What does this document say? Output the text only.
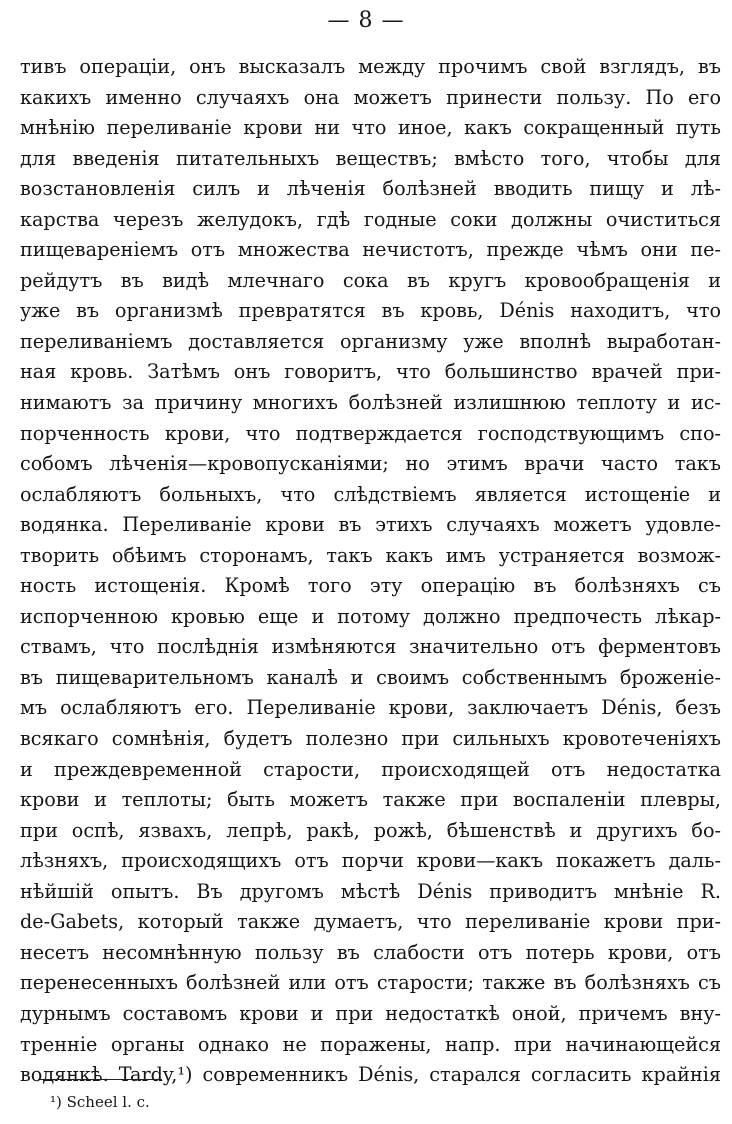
— 8 —
тивъ операціи, онъ высказалъ между прочимъ свой взглядъ, въ
какихъ именно случаяхъ она можетъ принести пользу. По его
мнѣнію переливаніе крови ни что иное, какъ сокращенный путь
для введенія питательныхъ веществъ; вмѣсто того, чтобы для
возстановленія силъ и лѣченія болѣзней вводить пищу и лѣ-
карства черезъ желудокъ, гдѣ годные соки должны очиститься
пищевареніемъ отъ множества нечистотъ, прежде чѣмъ они пе-
рейдутъ въ видѣ млечнаго сока въ кругъ кровообращенія и
уже въ организмѣ превратятся въ кровь, Dénis находитъ, что
переливаніемъ доставляется организму уже вполнѣ выработан-
ная кровь. Затѣмъ онъ говоритъ, что большинство врачей при-
нимаютъ за причину многихъ болѣзней излишнюю теплоту и ис-
порченность крови, что подтверждается господствующимъ спо-
собомъ лѣченія—кровопусканіями; но этимъ врачи часто такъ
ослабляютъ больныхъ, что слѣдствіемъ является истощеніе и
водянка. Переливаніе крови въ этихъ случаяхъ можетъ удовле-
творить обѣимъ сторонамъ, такъ какъ имъ устраняется возмож-
ность истощенія. Кромѣ того эту операцію въ болѣзняхъ съ
испорченною кровью еще и потому должно предпочесть лѣкар-
ствамъ, что послѣднія измѣняются значительно отъ ферментовъ
въ пищеварительномъ каналѣ и своимъ собственнымъ броженіе-
мъ ослабляютъ его. Переливаніе крови, заключаетъ Dénis, безъ
всякаго сомнѣнія, будетъ полезно при сильныхъ кровотеченіяхъ
и преждевременной старости, происходящей отъ недостатка
крови и теплоты; быть можетъ также при воспаленіи плевры,
при оспѣ, язвахъ, лепрѣ, ракѣ, рожѣ, бѣшенствѣ и другихъ бо-
лѣзняхъ, происходящихъ отъ порчи крови—какъ покажетъ даль-
нѣйшій опытъ. Въ другомъ мѣстѣ Dénis приводитъ мнѣніе R.
de-Gabets, который также думаетъ, что переливаніе крови при-
несетъ несомнѣнную пользу въ слабости отъ потерь крови, отъ
перенесенныхъ болѣзней или отъ старости; также въ болѣзняхъ съ
дурнымъ составомъ крови и при недостаткѣ оной, причемъ вну-
треннiе органы однако не поражены, напр. при начинающейся
водянкѣ. Tardy,¹) современникъ Dénis, старался согласить крайнія
¹) Scheel l. c.
